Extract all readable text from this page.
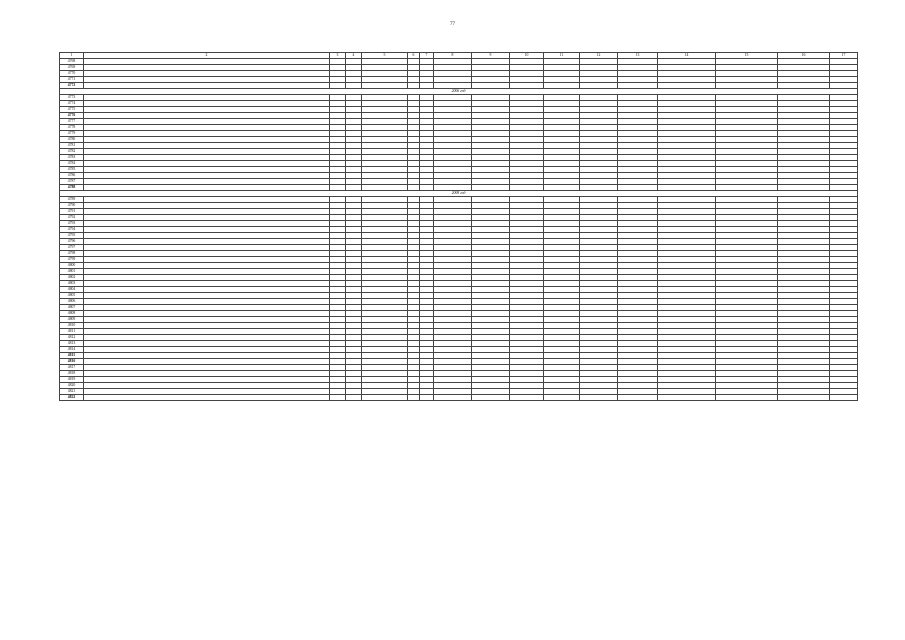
77
1	2	3	4	5	6	7	8	9	10	11	12	13	14	15	16	17
4768																
4769																
4770																
4771																
4772																
2006 год																
4773																
4774																
4775																
4776																
4777																
4778																
4779																
4780																
4781																
4782																
4783																
4784																
4785																
4786																
4787																
4788																
2008 год																
4789																
4790																
4791																
4792																
4793																
4794																
4795																
4796																
4797																
4798																
4799																
4800																
4801																
4802																
4803																
4804																
4805																
4806																
4807																
4808																
4809																
4810																
4811																
4812																
4813																
4814																
4815																
4816																
4817																
4818																
4819																
4820																
4821																
4822																
